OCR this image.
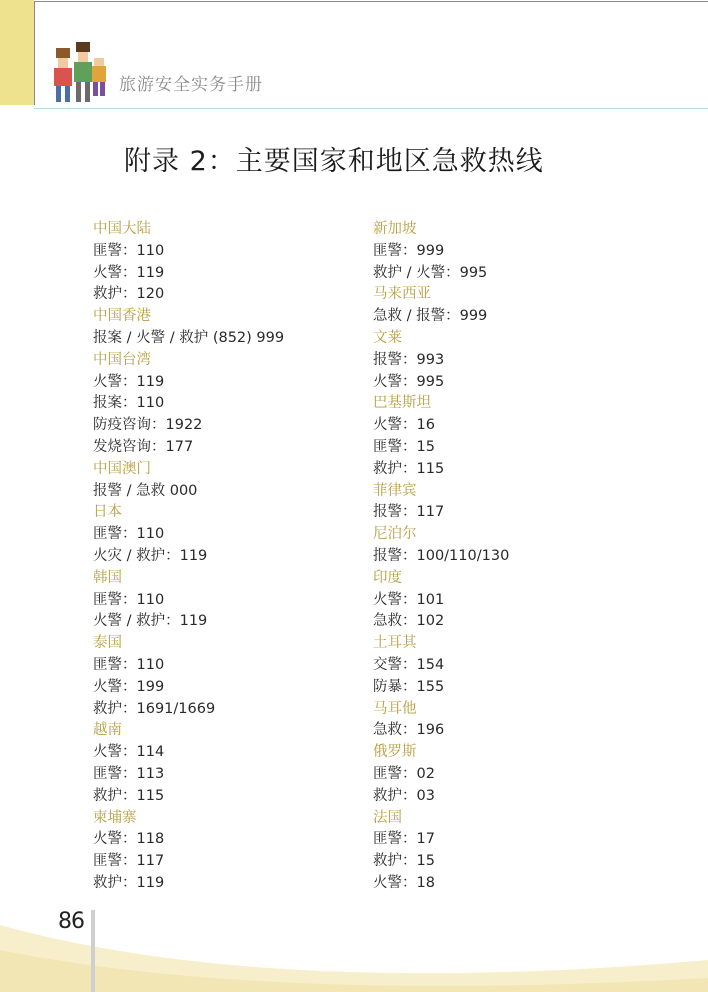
旅游安全实务手册
附录 2：主要国家和地区急救热线
中国大陆
匪警：110
火警：119
救护：120
中国香港
报案 / 火警 / 救护 (852) 999
中国台湾
火警：119
报案：110
防疫咨询：1922
发烧咨询：177
中国澳门
报警 / 急救 000
日本
匪警：110
火灾 / 救护：119
韩国
匪警：110
火警 / 救护：119
泰国
匪警：110
火警：199
救护：1691/1669
越南
火警：114
匪警：113
救护：115
柬埔寨
火警：118
匪警：117
救护：119
新加坡
匪警：999
救护 / 火警：995
马来西亚
急救 / 报警：999
文莱
报警：993
火警：995
巴基斯坦
火警：16
匪警：15
救护：115
菲律宾
报警：117
尼泊尔
报警：100/110/130
印度
火警：101
急救：102
土耳其
交警：154
防暴：155
马耳他
急救：196
俄罗斯
匪警：02
救护：03
法国
匪警：17
救护：15
火警：18
86
